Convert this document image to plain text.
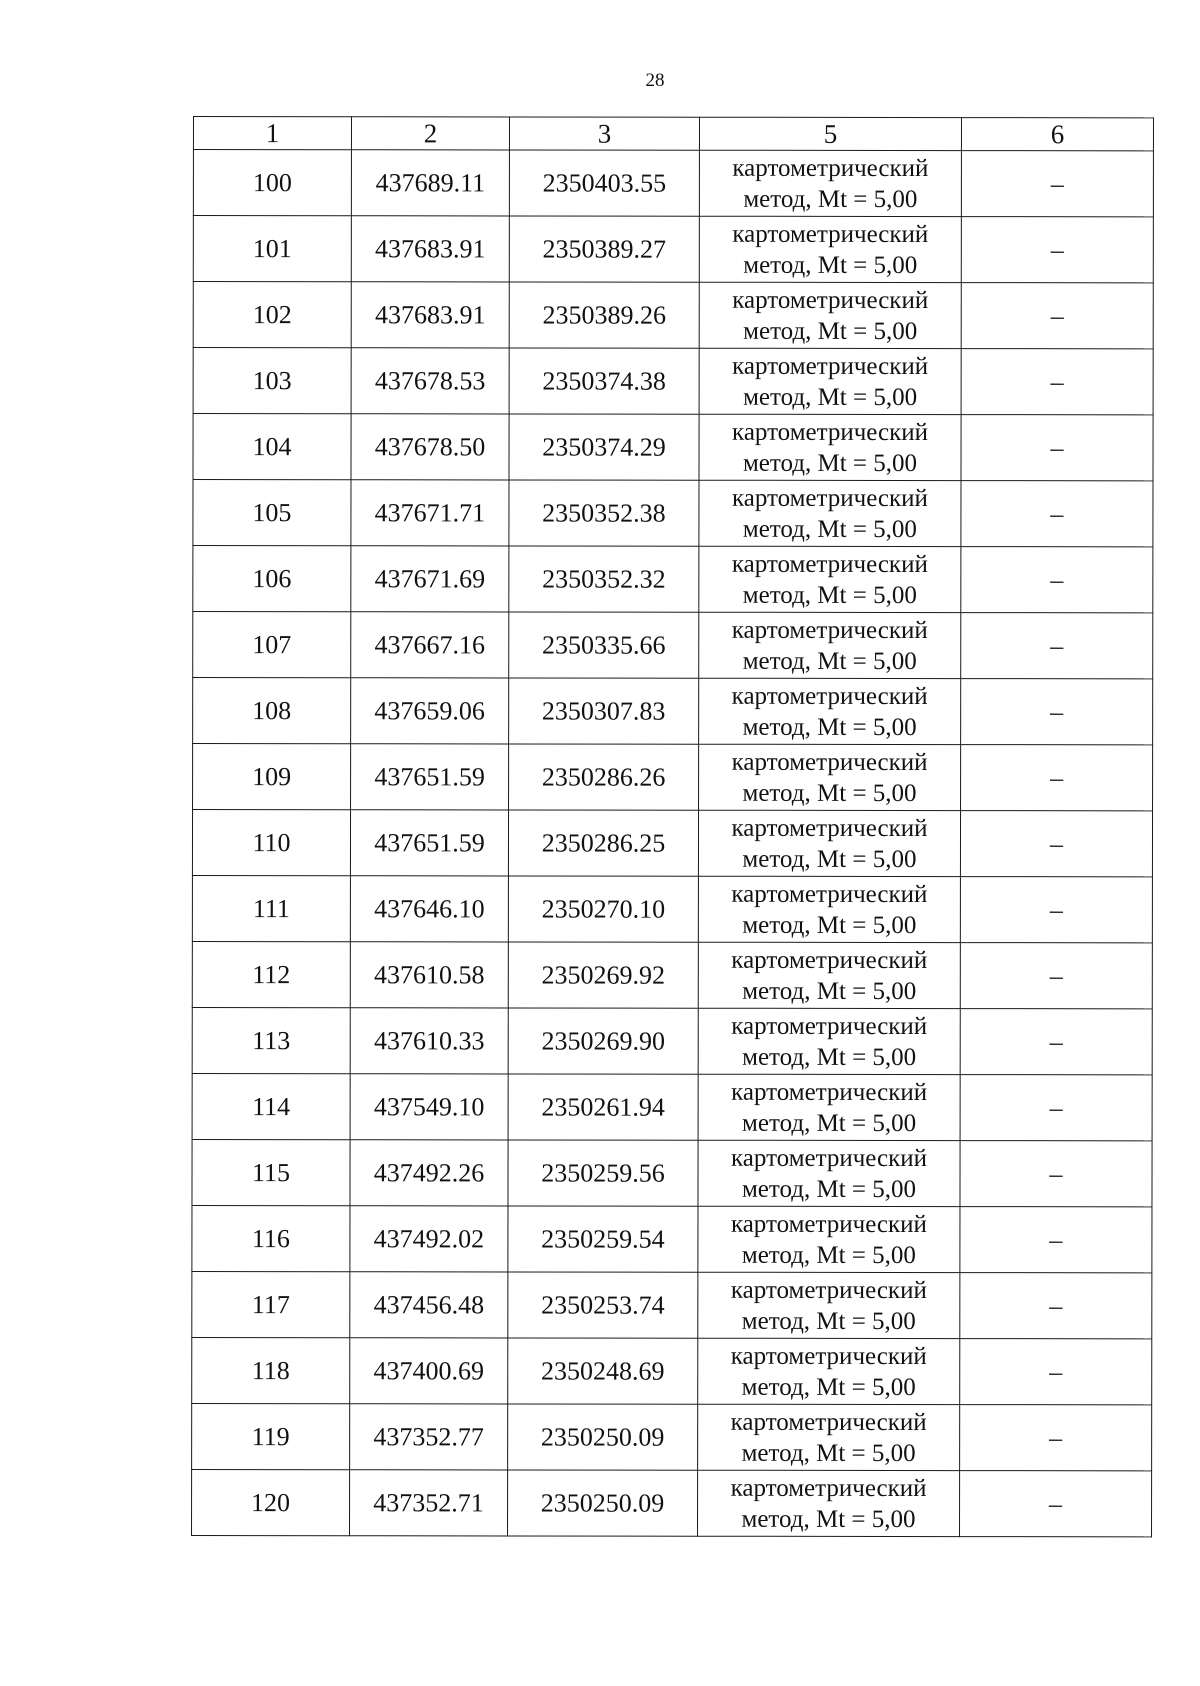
28
1	2	3	5	6
100	437689.11	2350403.55	картометрический
метод, Mt = 5,00	–
101	437683.91	2350389.27	картометрический
метод, Mt = 5,00	–
102	437683.91	2350389.26	картометрический
метод, Mt = 5,00	–
103	437678.53	2350374.38	картометрический
метод, Mt = 5,00	–
104	437678.50	2350374.29	картометрический
метод, Mt = 5,00	–
105	437671.71	2350352.38	картометрический
метод, Mt = 5,00	–
106	437671.69	2350352.32	картометрический
метод, Mt = 5,00	–
107	437667.16	2350335.66	картометрический
метод, Mt = 5,00	–
108	437659.06	2350307.83	картометрический
метод, Mt = 5,00	–
109	437651.59	2350286.26	картометрический
метод, Mt = 5,00	–
110	437651.59	2350286.25	картометрический
метод, Mt = 5,00	–
111	437646.10	2350270.10	картометрический
метод, Mt = 5,00	–
112	437610.58	2350269.92	картометрический
метод, Mt = 5,00	–
113	437610.33	2350269.90	картометрический
метод, Mt = 5,00	–
114	437549.10	2350261.94	картометрический
метод, Mt = 5,00	–
115	437492.26	2350259.56	картометрический
метод, Mt = 5,00	–
116	437492.02	2350259.54	картометрический
метод, Mt = 5,00	–
117	437456.48	2350253.74	картометрический
метод, Mt = 5,00	–
118	437400.69	2350248.69	картометрический
метод, Mt = 5,00	–
119	437352.77	2350250.09	картометрический
метод, Mt = 5,00	–
120	437352.71	2350250.09	картометрический
метод, Mt = 5,00	–
